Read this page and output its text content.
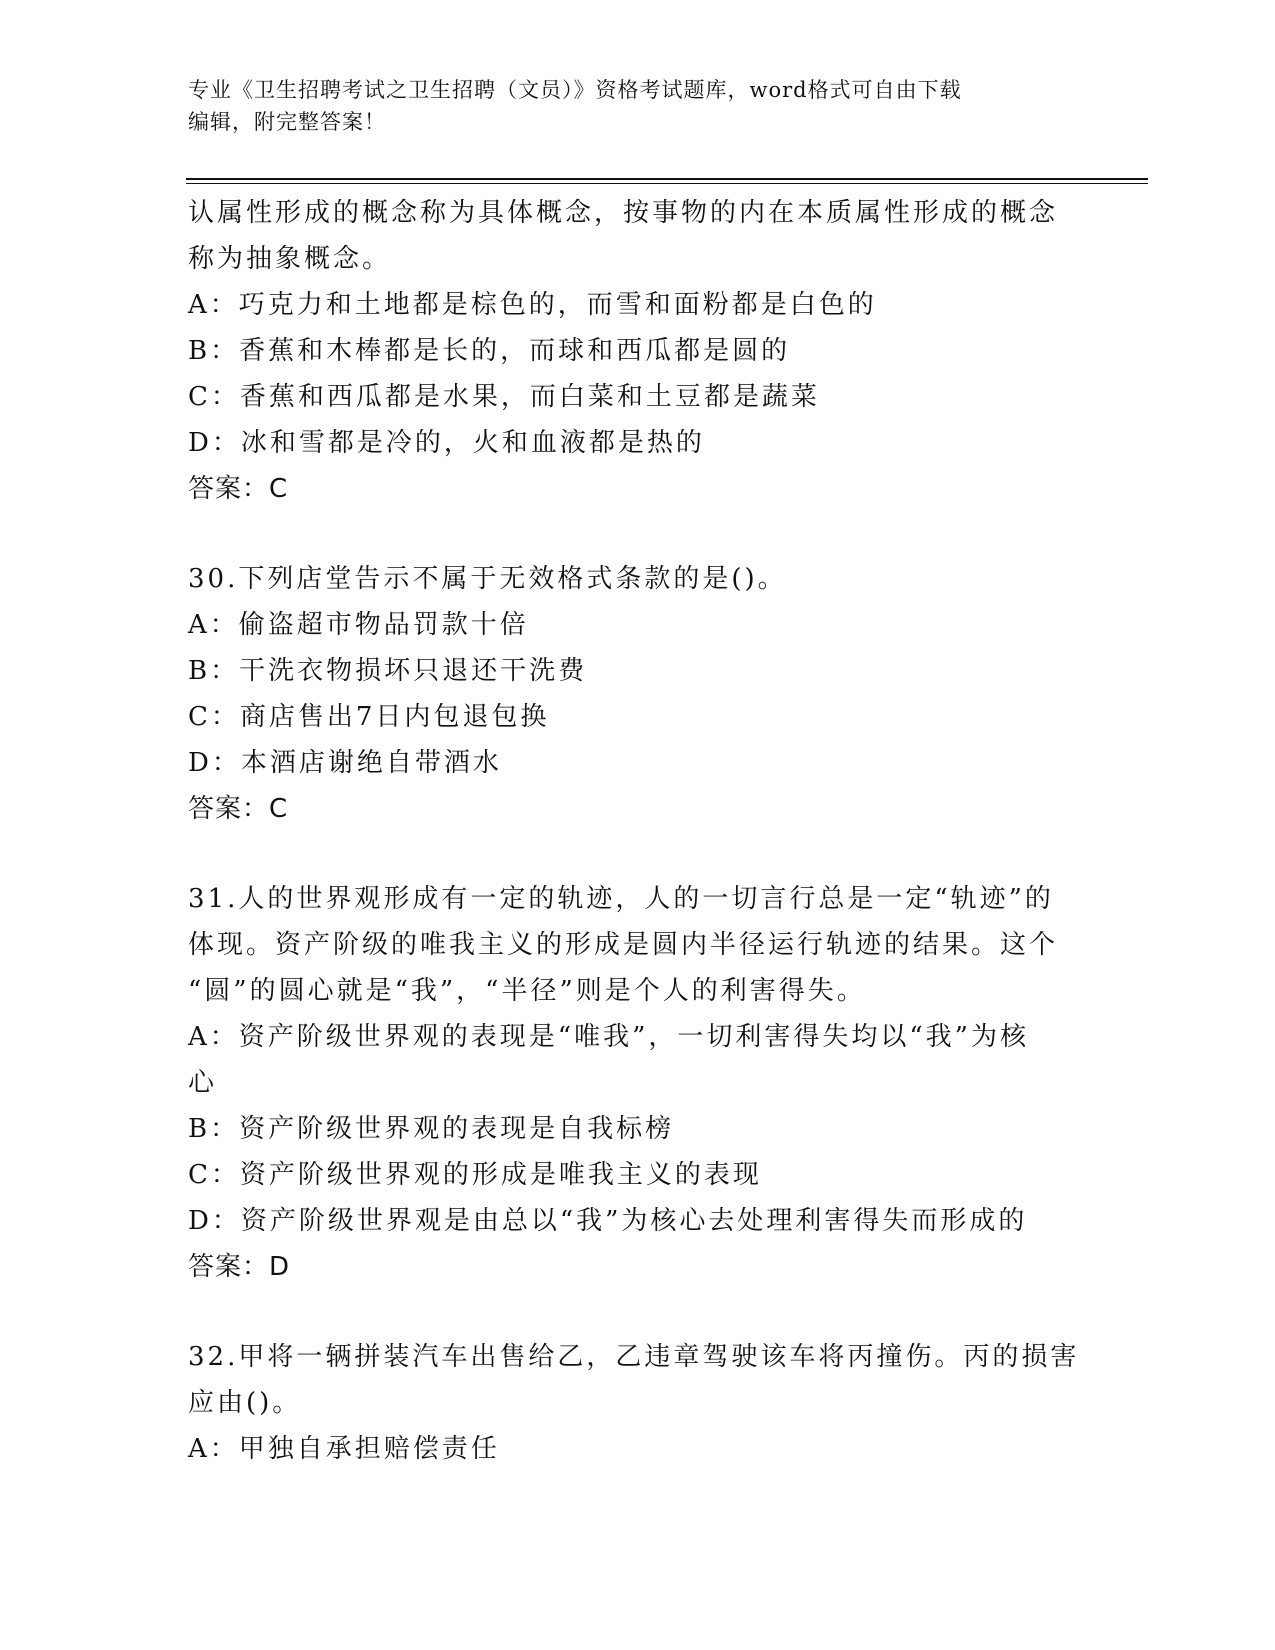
专业《卫生招聘考试之卫生招聘（文员）》资格考试题库，word格式可自由下载

编辑，附完整答案！

认属性形成的概念称为具体概念，按事物的内在本质属性形成的概念

称为抽象概念。

A：巧克力和土地都是棕色的，而雪和面粉都是白色的

B：香蕉和木棒都是长的，而球和西瓜都是圆的

C：香蕉和西瓜都是水果，而白菜和土豆都是蔬菜

D：冰和雪都是冷的，火和血液都是热的

答案：C

30.下列店堂告示不属于无效格式条款的是()。

A：偷盗超市物品罚款十倍

B：干洗衣物损坏只退还干洗费

C：商店售出7日内包退包换

D：本酒店谢绝自带酒水

答案：C

31.人的世界观形成有一定的轨迹，人的一切言行总是一定“轨迹”的

体现。资产阶级的唯我主义的形成是圆内半径运行轨迹的结果。这个

“圆”的圆心就是“我”，“半径”则是个人的利害得失。

A：资产阶级世界观的表现是“唯我”，一切利害得失均以“我”为核

心

B：资产阶级世界观的表现是自我标榜

C：资产阶级世界观的形成是唯我主义的表现

D：资产阶级世界观是由总以“我”为核心去处理利害得失而形成的

答案：D

32.甲将一辆拼装汽车出售给乙，乙违章驾驶该车将丙撞伤。丙的损害

应由()。

A：甲独自承担赔偿责任
